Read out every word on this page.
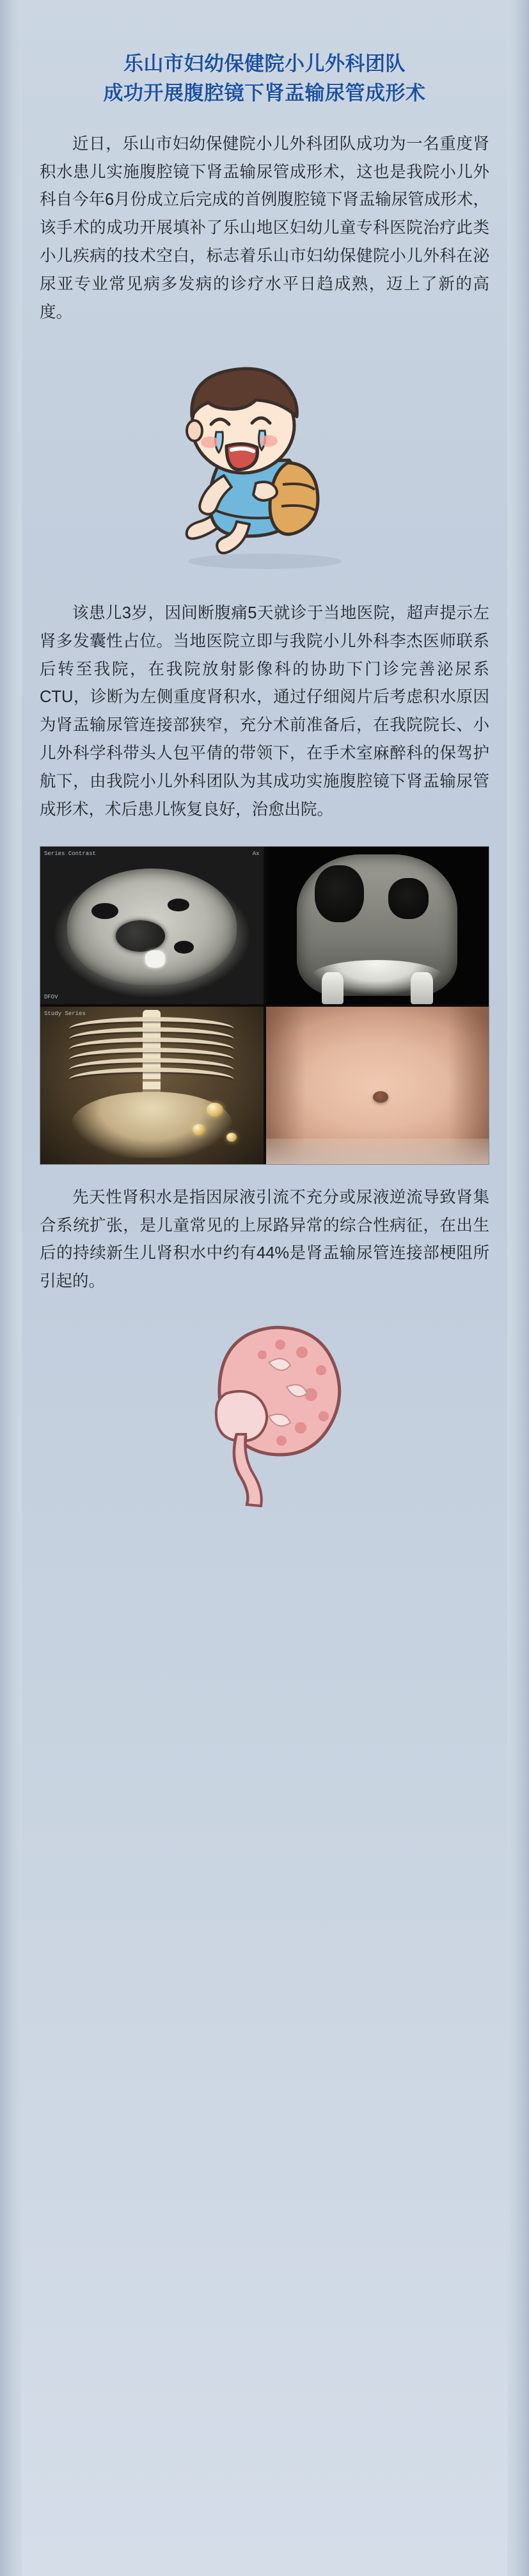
乐山市妇幼保健院小儿外科团队
成功开展腹腔镜下肾盂输尿管成形术

近日，乐山市妇幼保健院小儿外科团队成功为一名重度肾积水患儿实施腹腔镜下肾盂输尿管成形术，这也是我院小儿外科自今年6月份成立后完成的首例腹腔镜下肾盂输尿管成形术，该手术的成功开展填补了乐山地区妇幼儿童专科医院治疗此类小儿疾病的技术空白，标志着乐山市妇幼保健院小儿外科在泌尿亚专业常见病多发病的诊疗水平日趋成熟，迈上了新的高度。

该患儿3岁，因间断腹痛5天就诊于当地医院，超声提示左肾多发囊性占位。当地医院立即与我院小儿外科李杰医师联系后转至我院，在我院放射影像科的协助下门诊完善泌尿系CTU，诊断为左侧重度肾积水，通过仔细阅片后考虑积水原因为肾盂输尿管连接部狭窄，充分术前准备后，在我院院长、小儿外科学科带头人包平倩的带领下，在手术室麻醉科的保驾护航下，由我院小儿外科团队为其成功实施腹腔镜下肾盂输尿管成形术，术后患儿恢复良好，治愈出院。

Series Contrast	Ax
DFOV
Study Series

先天性肾积水是指因尿液引流不充分或尿液逆流导致肾集合系统扩张，是儿童常见的上尿路异常的综合性病征，在出生后的持续新生儿肾积水中约有44%是肾盂输尿管连接部梗阻所引起的。
